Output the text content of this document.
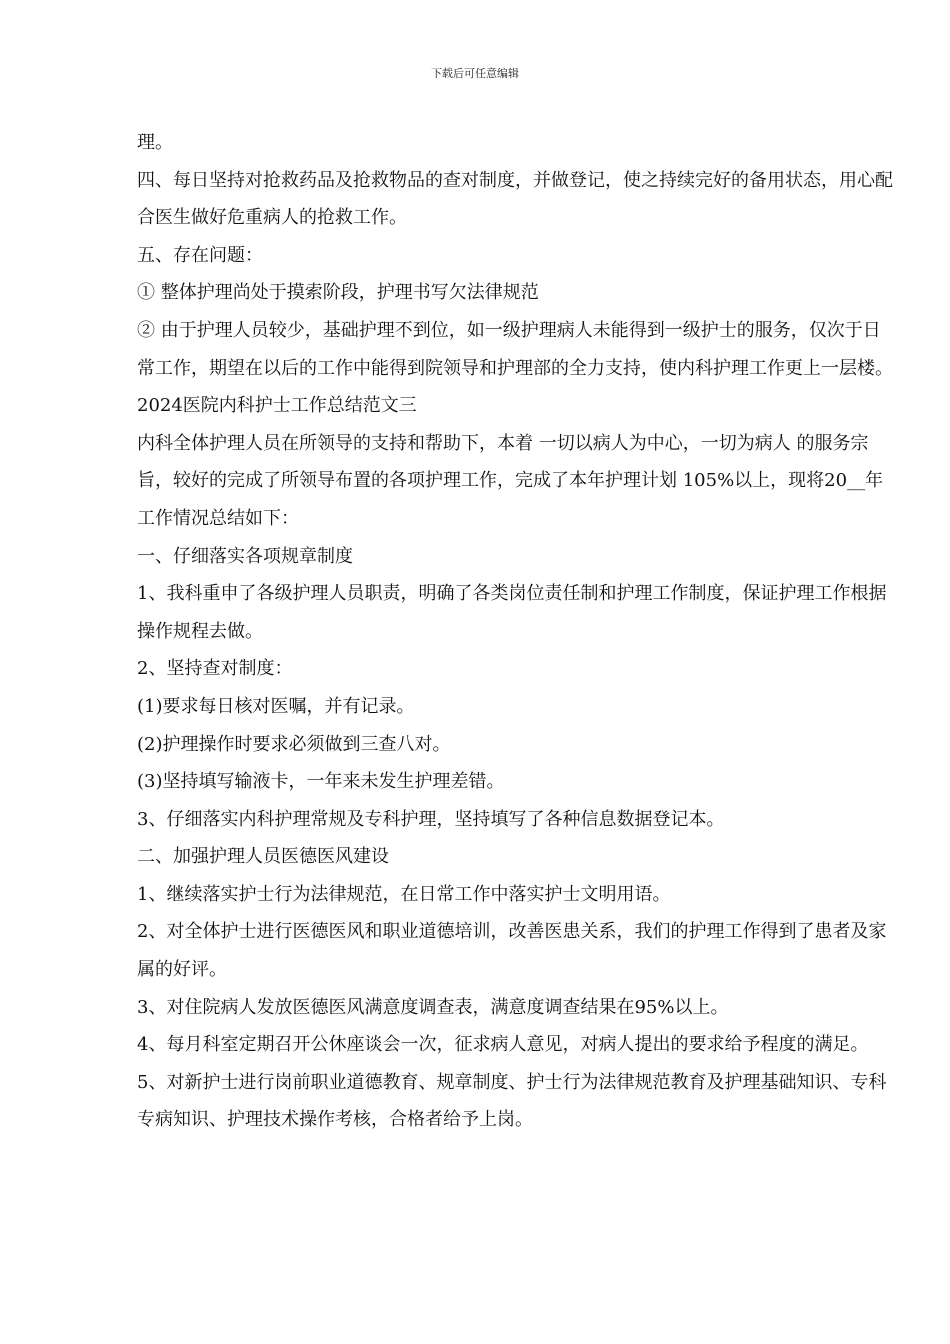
下载后可任意编辑

理。

四、每日坚持对抢救药品及抢救物品的查对制度，并做登记，使之持续完好的备用状态，用心配合医生做好危重病人的抢救工作。

五、存在问题：

① 整体护理尚处于摸索阶段，护理书写欠法律规范

② 由于护理人员较少，基础护理不到位，如一级护理病人未能得到一级护士的服务，仅次于日常工作，期望在以后的工作中能得到院领导和护理部的全力支持，使内科护理工作更上一层楼。

2024医院内科护士工作总结范文三

内科全体护理人员在所领导的支持和帮助下，本着 一切以病人为中心，一切为病人 的服务宗旨，较好的完成了所领导布置的各项护理工作，完成了本年护理计划 105%以上，现将20__年工作情况总结如下：

一、仔细落实各项规章制度

1、我科重申了各级护理人员职责，明确了各类岗位责任制和护理工作制度，保证护理工作根据操作规程去做。

2、坚持查对制度：

(1)要求每日核对医嘱，并有记录。

(2)护理操作时要求必须做到三查八对。

(3)坚持填写输液卡，一年来未发生护理差错。

3、仔细落实内科护理常规及专科护理，坚持填写了各种信息数据登记本。

二、加强护理人员医德医风建设

1、继续落实护士行为法律规范，在日常工作中落实护士文明用语。

2、对全体护士进行医德医风和职业道德培训，改善医患关系，我们的护理工作得到了患者及家属的好评。

3、对住院病人发放医德医风满意度调查表，满意度调查结果在95%以上。

4、每月科室定期召开公休座谈会一次，征求病人意见，对病人提出的要求给予程度的满足。

5、对新护士进行岗前职业道德教育、规章制度、护士行为法律规范教育及护理基础知识、专科专病知识、护理技术操作考核，合格者给予上岗。
